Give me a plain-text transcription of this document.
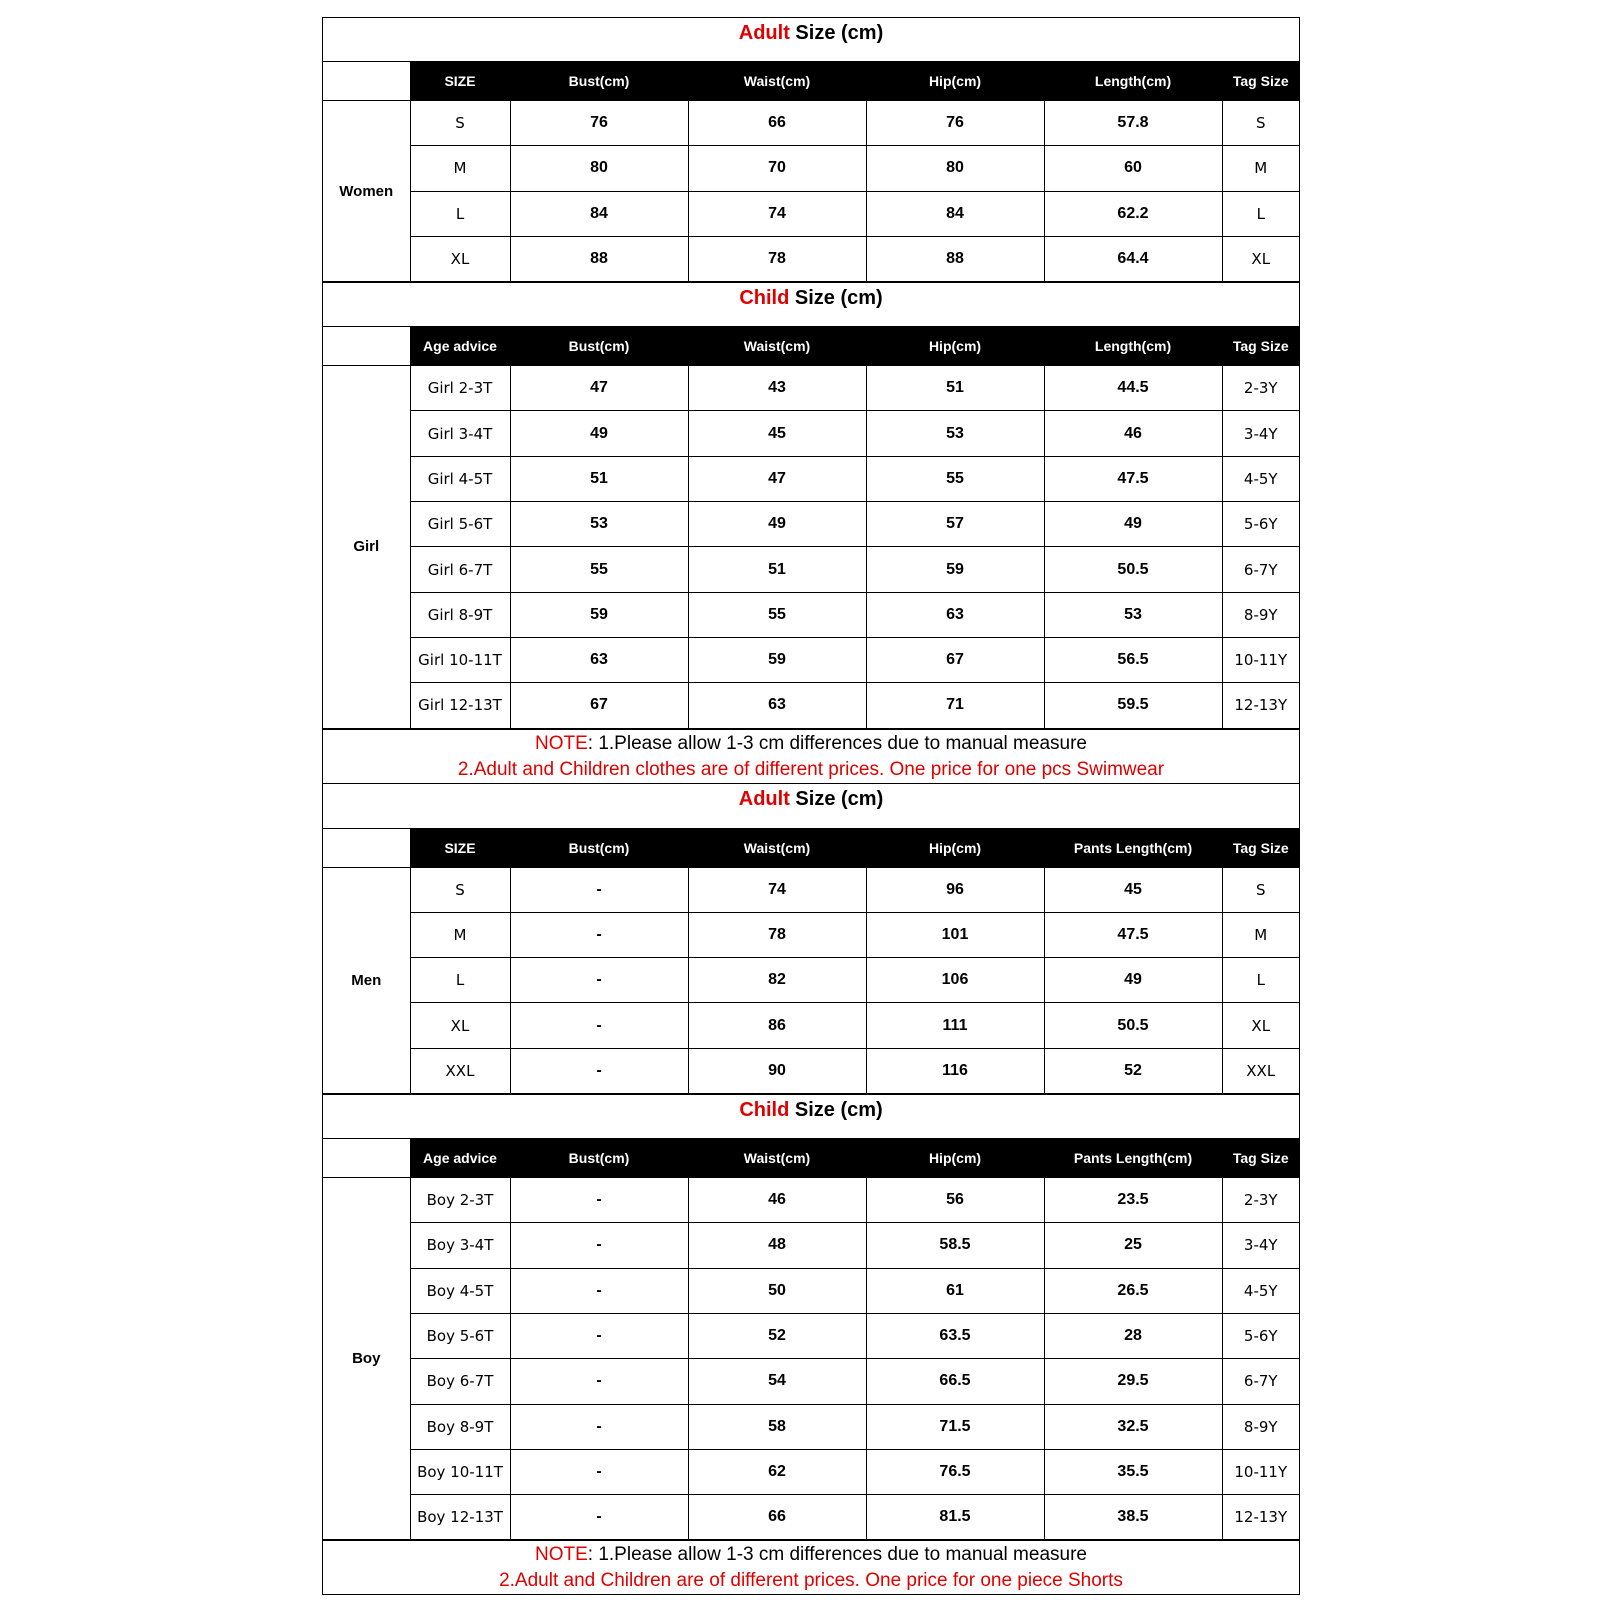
Adult Size (cm)
	SIZE	Bust(cm)	Waist(cm)	Hip(cm)	Length(cm)	Tag Size
Women	S	76	66	76	57.8	S
	M	80	70	80	60	M
	L	84	74	84	62.2	L
	XL	88	78	88	64.4	XL
Child Size (cm)
	Age advice	Bust(cm)	Waist(cm)	Hip(cm)	Length(cm)	Tag Size
Girl	Girl 2-3T	47	43	51	44.5	2-3Y
	Girl 3-4T	49	45	53	46	3-4Y
	Girl 4-5T	51	47	55	47.5	4-5Y
	Girl 5-6T	53	49	57	49	5-6Y
	Girl 6-7T	55	51	59	50.5	6-7Y
	Girl 8-9T	59	55	63	53	8-9Y
	Girl 10-11T	63	59	67	56.5	10-11Y
	Girl 12-13T	67	63	71	59.5	12-13Y
NOTE: 1.Please allow 1-3 cm differences due to manual measure
2.Adult and Children clothes are of different prices. One price for one pcs Swimwear
Adult Size (cm)
	SIZE	Bust(cm)	Waist(cm)	Hip(cm)	Pants Length(cm)	Tag Size
Men	S	-	74	96	45	S
	M	-	78	101	47.5	M
	L	-	82	106	49	L
	XL	-	86	111	50.5	XL
	XXL	-	90	116	52	XXL
Child Size (cm)
	Age advice	Bust(cm)	Waist(cm)	Hip(cm)	Pants Length(cm)	Tag Size
Boy	Boy 2-3T	-	46	56	23.5	2-3Y
	Boy 3-4T	-	48	58.5	25	3-4Y
	Boy 4-5T	-	50	61	26.5	4-5Y
	Boy 5-6T	-	52	63.5	28	5-6Y
	Boy 6-7T	-	54	66.5	29.5	6-7Y
	Boy 8-9T	-	58	71.5	32.5	8-9Y
	Boy 10-11T	-	62	76.5	35.5	10-11Y
	Boy 12-13T	-	66	81.5	38.5	12-13Y
NOTE: 1.Please allow 1-3 cm differences due to manual measure
2.Adult and Children are of different prices. One price for one piece Shorts
